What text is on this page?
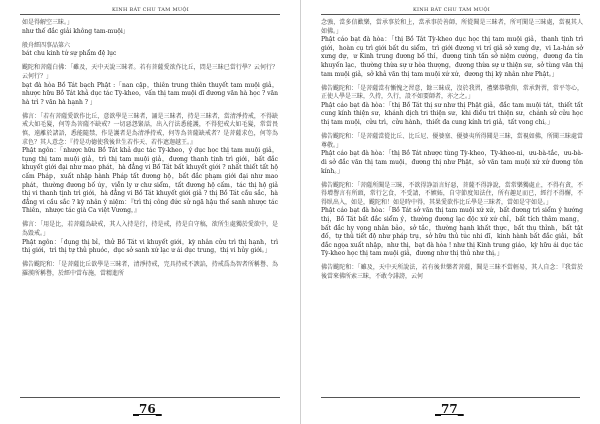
KINH BÁT CHU TAM MUỘI

如是得解空三昧。」
như thế đắc giải không tam-muội」

般舟經四事品第六
bát chu kinh tứ sự phẩm đệ lục

颰陀和菩薩白佛：「雖及，天中天說三昧者。若有菩薩愛欲作比丘，問是三昧已當行學？云何行？云何行？」
bạt đà hòa Bồ Tát bạch Phật :「nan cập，thiên trung thiên thuyết tam muội giả，nhược hữu Bồ Tát khả dục tác Tỳ-kheo，vấn thị tam muội dĩ đương văn hà học ? văn hà trì ? văn hà hạnh ? 」

佛言：「若有菩薩愛欲作比丘，意欲學是三昧者，誦是三昧者，持是三昧者，當清淨持戒，不得缺戒大如毛髮，何等為菩薩不缺戒？一切惡怨緊話，出入行法悉能護，不得犯戒大如毛髮，常當畏慎，遠離於諸語，悉能隨禁，作是護者是為清淨持戒，何等為菩薩缺戒者？是菩薩求色，何等為求色？其人意念：『持是功德使我後世生若作天、若作遮迦越王。』
Phật ngôn：「nhược hữu Bồ Tát khả dục tác Tỳ-kheo，ý dục học thị tam muội giả，tụng thị tam muội giả，trì thị tam muội giả，đương thanh tịnh trì giới，bất đắc khuyết giới đại như mao phát，hà đẳng vi Bồ Tát bất khuyết giới ? nhất thiết tất hộ cấm Pháp，xuất nhập hành Pháp tất đương hộ，bất đắc phạm giới đại như mao phát，thường đương bố úy，viễn ly ư chư siểm，tất đương hộ cấm，tác thị hộ giả thị vi thanh tịnh trì giới，hà đẳng vi Bồ Tát khuyết giới giả ? thị Bồ Tát cầu sắc，hà đẳng vi cầu sắc ? kỳ nhân ý niệm：『trì thị công đức sử ngã hậu thế sanh nhược tác Thiên，nhược tác già Ca việt Vương，』

佛言：「用是比，若菩薩為缺戒，其人入持是行，持是戒，持是自守稿，欲所生處獨於愛欲中，是為毀戒。」
Phật ngôn：「dụng thị bỉ，thử Bồ Tát vi khuyết giới，kỳ nhân cửu trì thị hạnh，trì thị giới，trì thị tự thủ phuóc，dục sở sanh xứ lạc ư ái dục trung，thị vi hủy giới。」

佛告颰陀和：「是菩薩比丘欲學是三昧者，清淨持戒，完具持戒不諛諂，持戒爲為智者所稱譽、為羅漢所稱譽，於經中當布施，當精進所

_76_
KINH BÁT CHU TAM MUỘI

念強，當多信歡樂，當承事於和上，當承事於善師，所從聞是三昧者，所可聞是三昧處，當視其人如佛。」
Phật cáo bạt đà hòa：「thị Bồ Tát Tỳ-kheo dục học thị tam muội giả，thanh tịnh trì giới，hoàn cụ trì giới bất du siểm，trì giới đương vi trí giả sở xưng dự，vi La-hán sở xưng dự，ư Kinh trung đương bố thí，đương tinh tấn sở niệm cường，đương đa tín khuyến lạc，thường thừa sự ư hòa thượng，đương thừa sự ư thiện sư，sở tùng văn thị tam muội giả，sở khả văn thị tam muội xứ xứ，đương thị kỳ nhân như Phật。」

佛告颰陀和：「是菩薩當有慚愧之習意，餘三昧成，沒於我習，禮樂恭敬仰，常承對習，常平等心，正使人學是三昧，久持，久行，設不如要師者，亦之之。」
Phật cáo bạt đà hòa：「thị Bồ Tát thị sư như thị Phật giả，đắc tam muội tát，thiết tất cung kính thiện sư，khánh dịch tri thiện sư，khi điều tri thiện sư，chánh sử cửu học thị tam muội，cửu trì，cửu hành，thiết đa cung kính tri giả，tất vong chi。」

佛告颰陀和：「是菩薩當從比丘、比丘尼、優婆塞、優婆夷所得聞是三昧，當視如佛，所聞三昧處當尊敬。」
Phật cáo bạt đà hòa：「thị Bồ Tát nhược tùng Tỳ-kheo，Tỳ-kheo-ni，ưu-bà-tắc，ưu-bà-di sở đắc văn thị tam muội，đương thị như Phật，sở văn tam muội xứ xứ đương tôn kính。」

佛告颰陀和：「菩薩所聞是三昧，不欲得諍語言好惡，菩薩不得諍說，當常樂獨處止，不得有貪，不得增譽言有所頭，常行乞食，不受請，不嫉妬，自守節度知法住，所有趣足而已，經行不得懈，不得臥出入，如是，颰陀和！如是時中得，其果愛欲作比丘學是三昧者，當如是守如是。」
Phật cáo bạt đà hòa：「Bồ Tát sở văn thị tam muội xứ xứ，bất đương trì siểm ý hướng thị，Bồ Tát bất đắc siểm ý，thường đương lạc độc xứ xứ chỉ，bất tích thâm mang，bất đắc hy vọng nhân bảo，sở tắc，thường hạnh khất thực，bất thụ thỉnh，bất tật đố，tự thủ tiết độ như pháp trụ，sở hữu thủ túc nhi dĩ，kinh hành bất đắc giải，bất đắc ngọa xuất nhập，như thị，bạt đà hòa ! như thị Kinh trung giáo，kỳ hữu ái dục tác Tỳ-kheo học thị tam muội giả，đương như thị thủ như thị。」

佛告颰陀和：「雖及，天中天所說法，若有後世樂者菩薩，聞是三昧不當輕易，其人自念：『我當於後當來佛所索三昧，不敢令誹謗，云何

_77_
